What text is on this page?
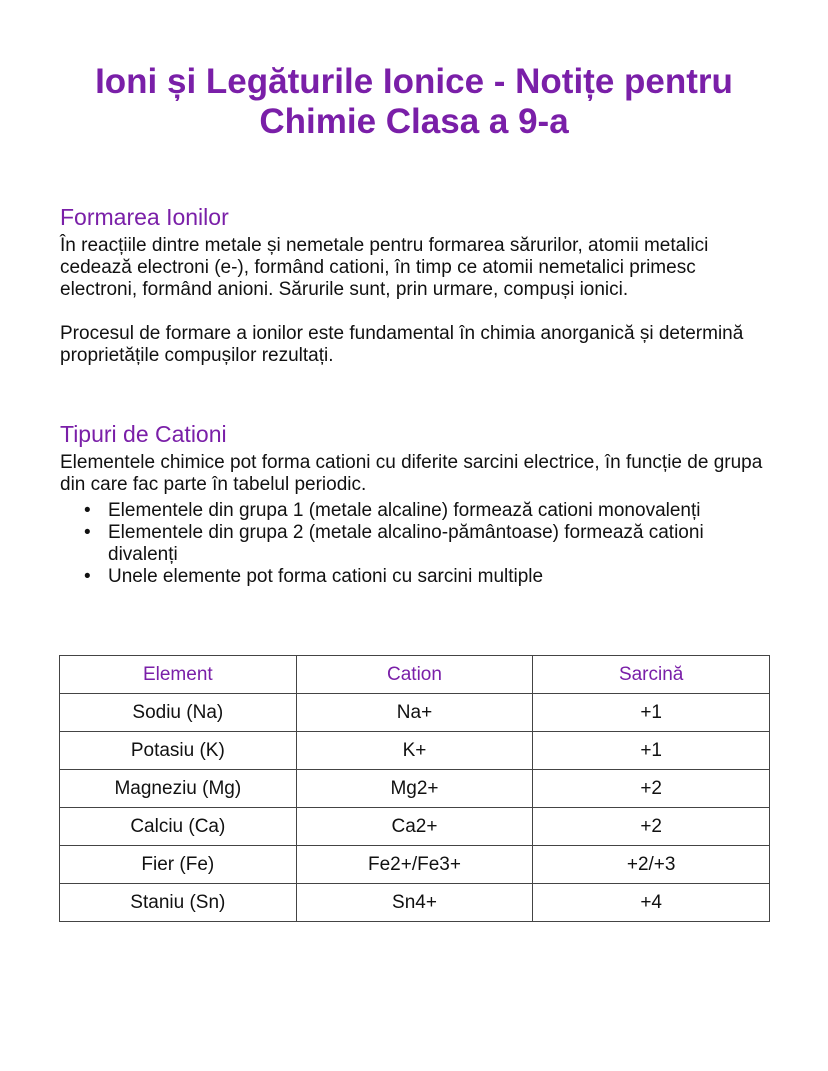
Ioni și Legăturile Ionice - Notițe pentru Chimie Clasa a 9-a
Formarea Ionilor

În reacțiile dintre metale și nemetale pentru formarea sărurilor, atomii metalici cedează electroni (e-), formând cationi, în timp ce atomii nemetalici primesc electroni, formând anioni. Sărurile sunt, prin urmare, compuși ionici.

Procesul de formare a ionilor este fundamental în chimia anorganică și determină proprietățile compușilor rezultați.

Tipuri de Cationi

Elementele chimice pot forma cationi cu diferite sarcini electrice, în funcție de grupa din care fac parte în tabelul periodic.

• Elementele din grupa 1 (metale alcaline) formează cationi monovalenți
• Elementele din grupa 2 (metale alcalino-pământoase) formează cationi divalenți
• Unele elemente pot forma cationi cu sarcini multiple
Element	Cation	Sarcină
Sodiu (Na)	Na+	+1
Potasiu (K)	K+	+1
Magneziu (Mg)	Mg2+	+2
Calciu (Ca)	Ca2+	+2
Fier (Fe)	Fe2+/Fe3+	+2/+3
Staniu (Sn)	Sn4+	+4
